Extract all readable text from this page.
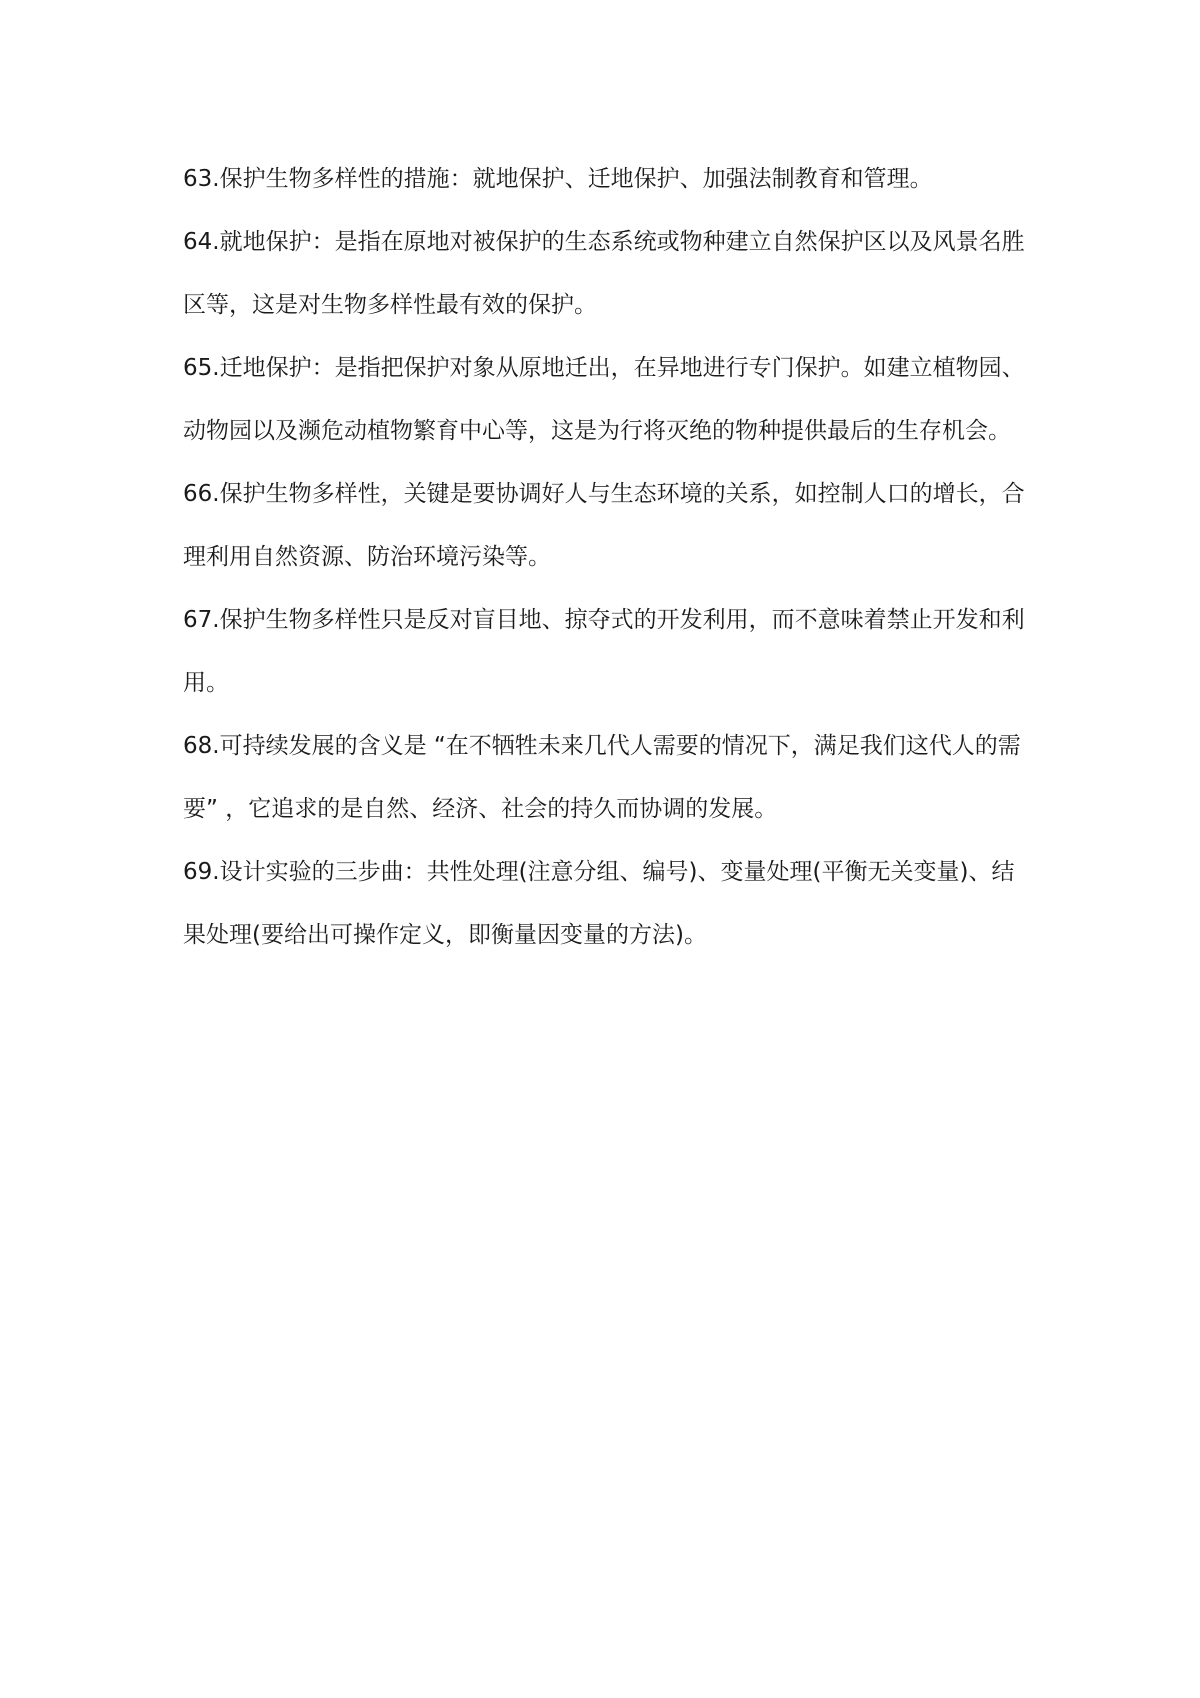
63.保护生物多样性的措施：就地保护、迁地保护、加强法制教育和管理。

64.就地保护：是指在原地对被保护的生态系统或物种建立自然保护区以及风景名胜区等，这是对生物多样性最有效的保护。

65.迁地保护：是指把保护对象从原地迁出，在异地进行专门保护。如建立植物园、动物园以及濒危动植物繁育中心等，这是为行将灭绝的物种提供最后的生存机会。

66.保护生物多样性，关键是要协调好人与生态环境的关系，如控制人口的增长，合理利用自然资源、防治环境污染等。

67.保护生物多样性只是反对盲目地、掠夺式的开发利用，而不意味着禁止开发和利用。

68.可持续发展的含义是 “在不牺牲未来几代人需要的情况下，满足我们这代人的需要” ，它追求的是自然、经济、社会的持久而协调的发展。

69.设计实验的三步曲：共性处理(注意分组、编号)、变量处理(平衡无关变量)、结果处理(要给出可操作定义，即衡量因变量的方法)。
